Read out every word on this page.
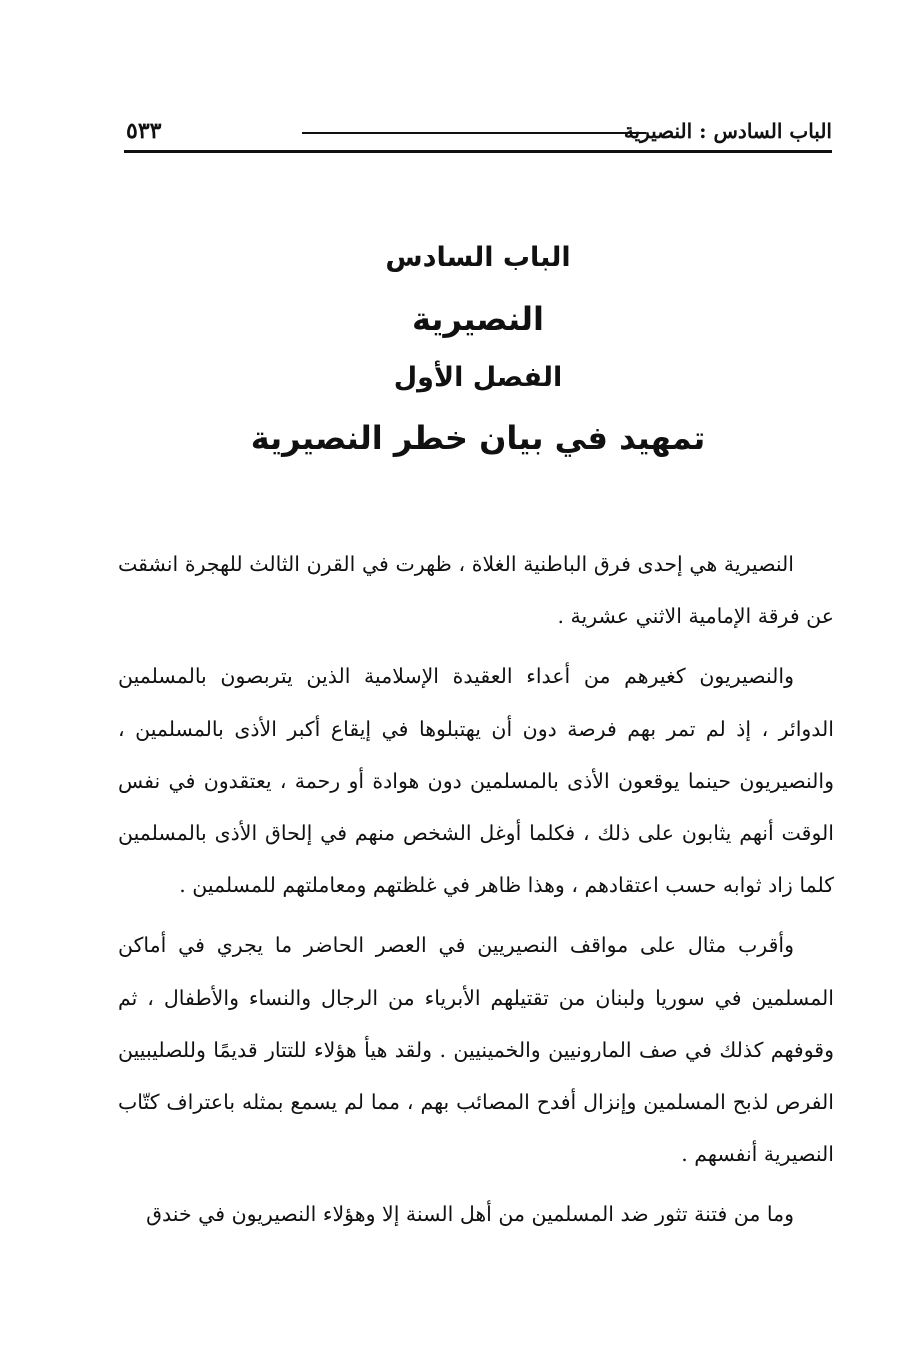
الباب السادس : النصيرية
٥٣٣
الباب السادس
النصيرية
الفصل الأول
تمهيد في بيان خطر النصيرية

النصيرية هي إحدى فرق الباطنية الغلاة ، ظهرت في القرن الثالث للهجرة انشقت عن فرقة الإمامية الاثني عشرية .

والنصيريون كغيرهم من أعداء العقيدة الإسلامية الذين يتربصون بالمسلمين الدوائر ، إذ لم تمر بهم فرصة دون أن يهتبلوها في إيقاع أكبر الأذى بالمسلمين ، والنصيريون حينما يوقعون الأذى بالمسلمين دون هوادة أو رحمة ، يعتقدون في نفس الوقت أنهم يثابون على ذلك ، فكلما أوغل الشخص منهم في إلحاق الأذى بالمسلمين كلما زاد ثوابه حسب اعتقادهم ، وهذا ظاهر في غلظتهم ومعاملتهم للمسلمين .

وأقرب مثال على مواقف النصيريين في العصر الحاضر ما يجري في أماكن المسلمين في سوريا ولبنان من تقتيلهم الأبرياء من الرجال والنساء والأطفال ، ثم وقوفهم كذلك في صف المارونيين والخمينيين . ولقد هيأ هؤلاء للتتار قديمًا وللصليبيين الفرص لذبح المسلمين وإنزال أفدح المصائب بهم ، مما لم يسمع بمثله باعتراف كتّاب النصيرية أنفسهم .

وما من فتنة تثور ضد المسلمين من أهل السنة إلا وهؤلاء النصيريون في خندق
